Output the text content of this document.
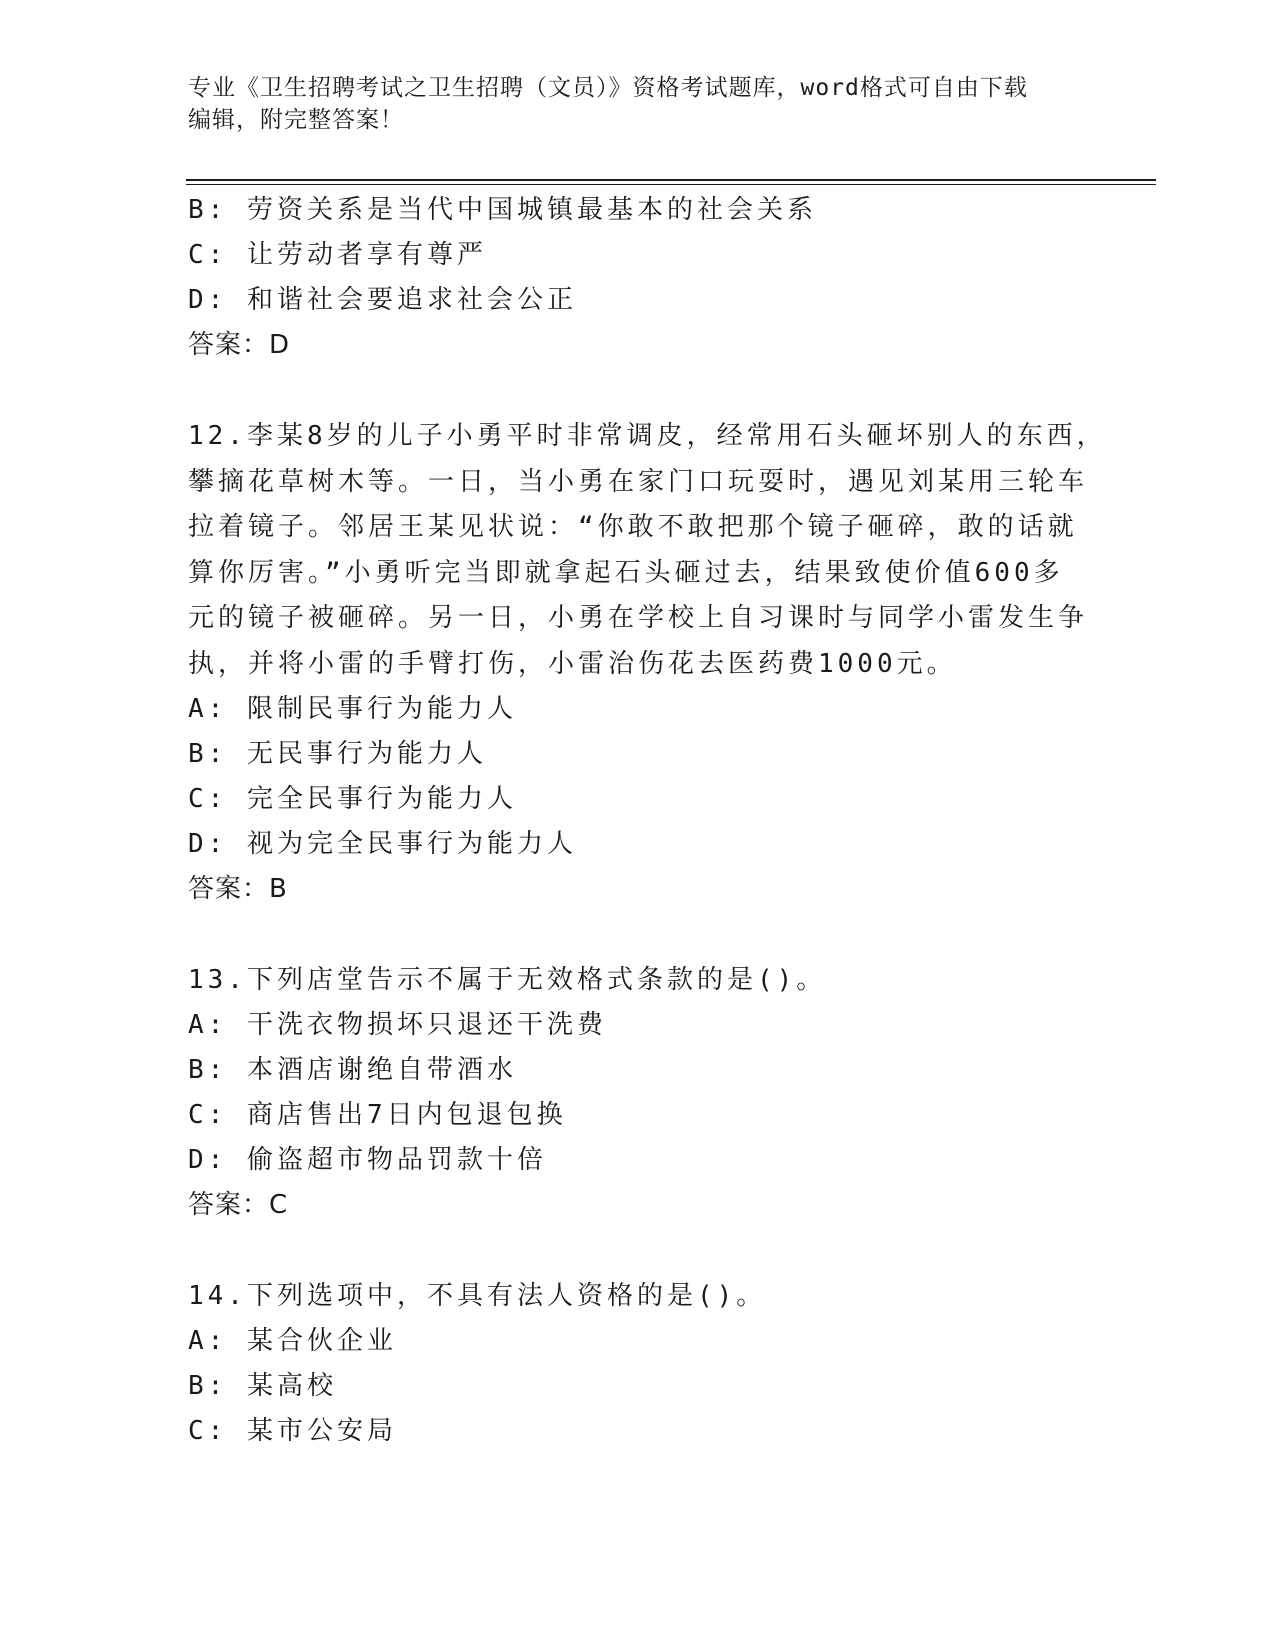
专业《卫生招聘考试之卫生招聘（文员）》资格考试题库，word格式可自由下载
编辑，附完整答案！
B: 劳资关系是当代中国城镇最基本的社会关系
C: 让劳动者享有尊严
D: 和谐社会要追求社会公正
答案：D
12.李某8岁的儿子小勇平时非常调皮，经常用石头砸坏别人的东西，
攀摘花草树木等。一日，当小勇在家门口玩耍时，遇见刘某用三轮车
拉着镜子。邻居王某见状说：“你敢不敢把那个镜子砸碎，敢的话就
算你厉害。”小勇听完当即就拿起石头砸过去，结果致使价值600多
元的镜子被砸碎。另一日，小勇在学校上自习课时与同学小雷发生争
执，并将小雷的手臂打伤，小雷治伤花去医药费1000元。
A: 限制民事行为能力人
B: 无民事行为能力人
C: 完全民事行为能力人
D: 视为完全民事行为能力人
答案：B
13.下列店堂告示不属于无效格式条款的是()。
A: 干洗衣物损坏只退还干洗费
B: 本酒店谢绝自带酒水
C: 商店售出7日内包退包换
D: 偷盗超市物品罚款十倍
答案：C
14.下列选项中，不具有法人资格的是()。
A: 某合伙企业
B: 某高校
C: 某市公安局
